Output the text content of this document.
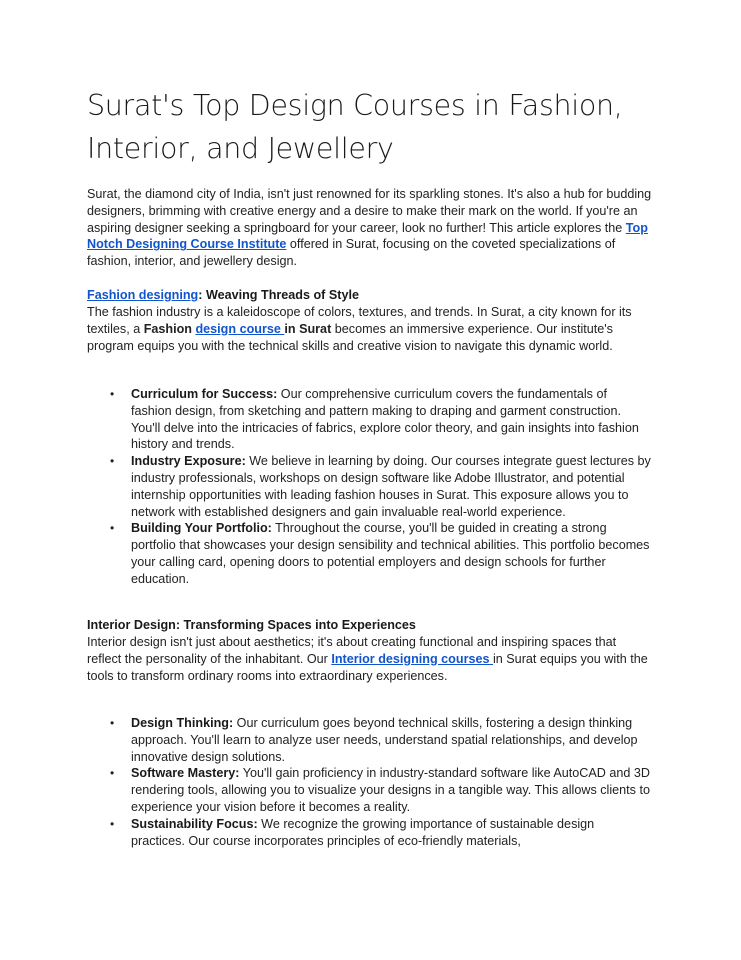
Surat's Top Design Courses in Fashion, Interior, and Jewellery
Surat, the diamond city of India, isn't just renowned for its sparkling stones. It's also a hub for budding designers, brimming with creative energy and a desire to make their mark on the world. If you're an aspiring designer seeking a springboard for your career, look no further! This article explores the Top Notch Designing Course Institute offered in Surat, focusing on the coveted specializations of fashion, interior, and jewellery design.
Fashion designing: Weaving Threads of Style
The fashion industry is a kaleidoscope of colors, textures, and trends. In Surat, a city known for its textiles, a Fashion design course in Surat becomes an immersive experience. Our institute's program equips you with the technical skills and creative vision to navigate this dynamic world.
• Curriculum for Success: Our comprehensive curriculum covers the fundamentals of fashion design, from sketching and pattern making to draping and garment construction. You'll delve into the intricacies of fabrics, explore color theory, and gain insights into fashion history and trends.
• Industry Exposure: We believe in learning by doing. Our courses integrate guest lectures by industry professionals, workshops on design software like Adobe Illustrator, and potential internship opportunities with leading fashion houses in Surat. This exposure allows you to network with established designers and gain invaluable real-world experience.
• Building Your Portfolio: Throughout the course, you'll be guided in creating a strong portfolio that showcases your design sensibility and technical abilities. This portfolio becomes your calling card, opening doors to potential employers and design schools for further education.
Interior Design: Transforming Spaces into Experiences
Interior design isn't just about aesthetics; it's about creating functional and inspiring spaces that reflect the personality of the inhabitant. Our Interior designing courses in Surat equips you with the tools to transform ordinary rooms into extraordinary experiences.
• Design Thinking: Our curriculum goes beyond technical skills, fostering a design thinking approach. You'll learn to analyze user needs, understand spatial relationships, and develop innovative design solutions.
• Software Mastery: You'll gain proficiency in industry-standard software like AutoCAD and 3D rendering tools, allowing you to visualize your designs in a tangible way. This allows clients to experience your vision before it becomes a reality.
• Sustainability Focus: We recognize the growing importance of sustainable design practices. Our course incorporates principles of eco-friendly materials,
